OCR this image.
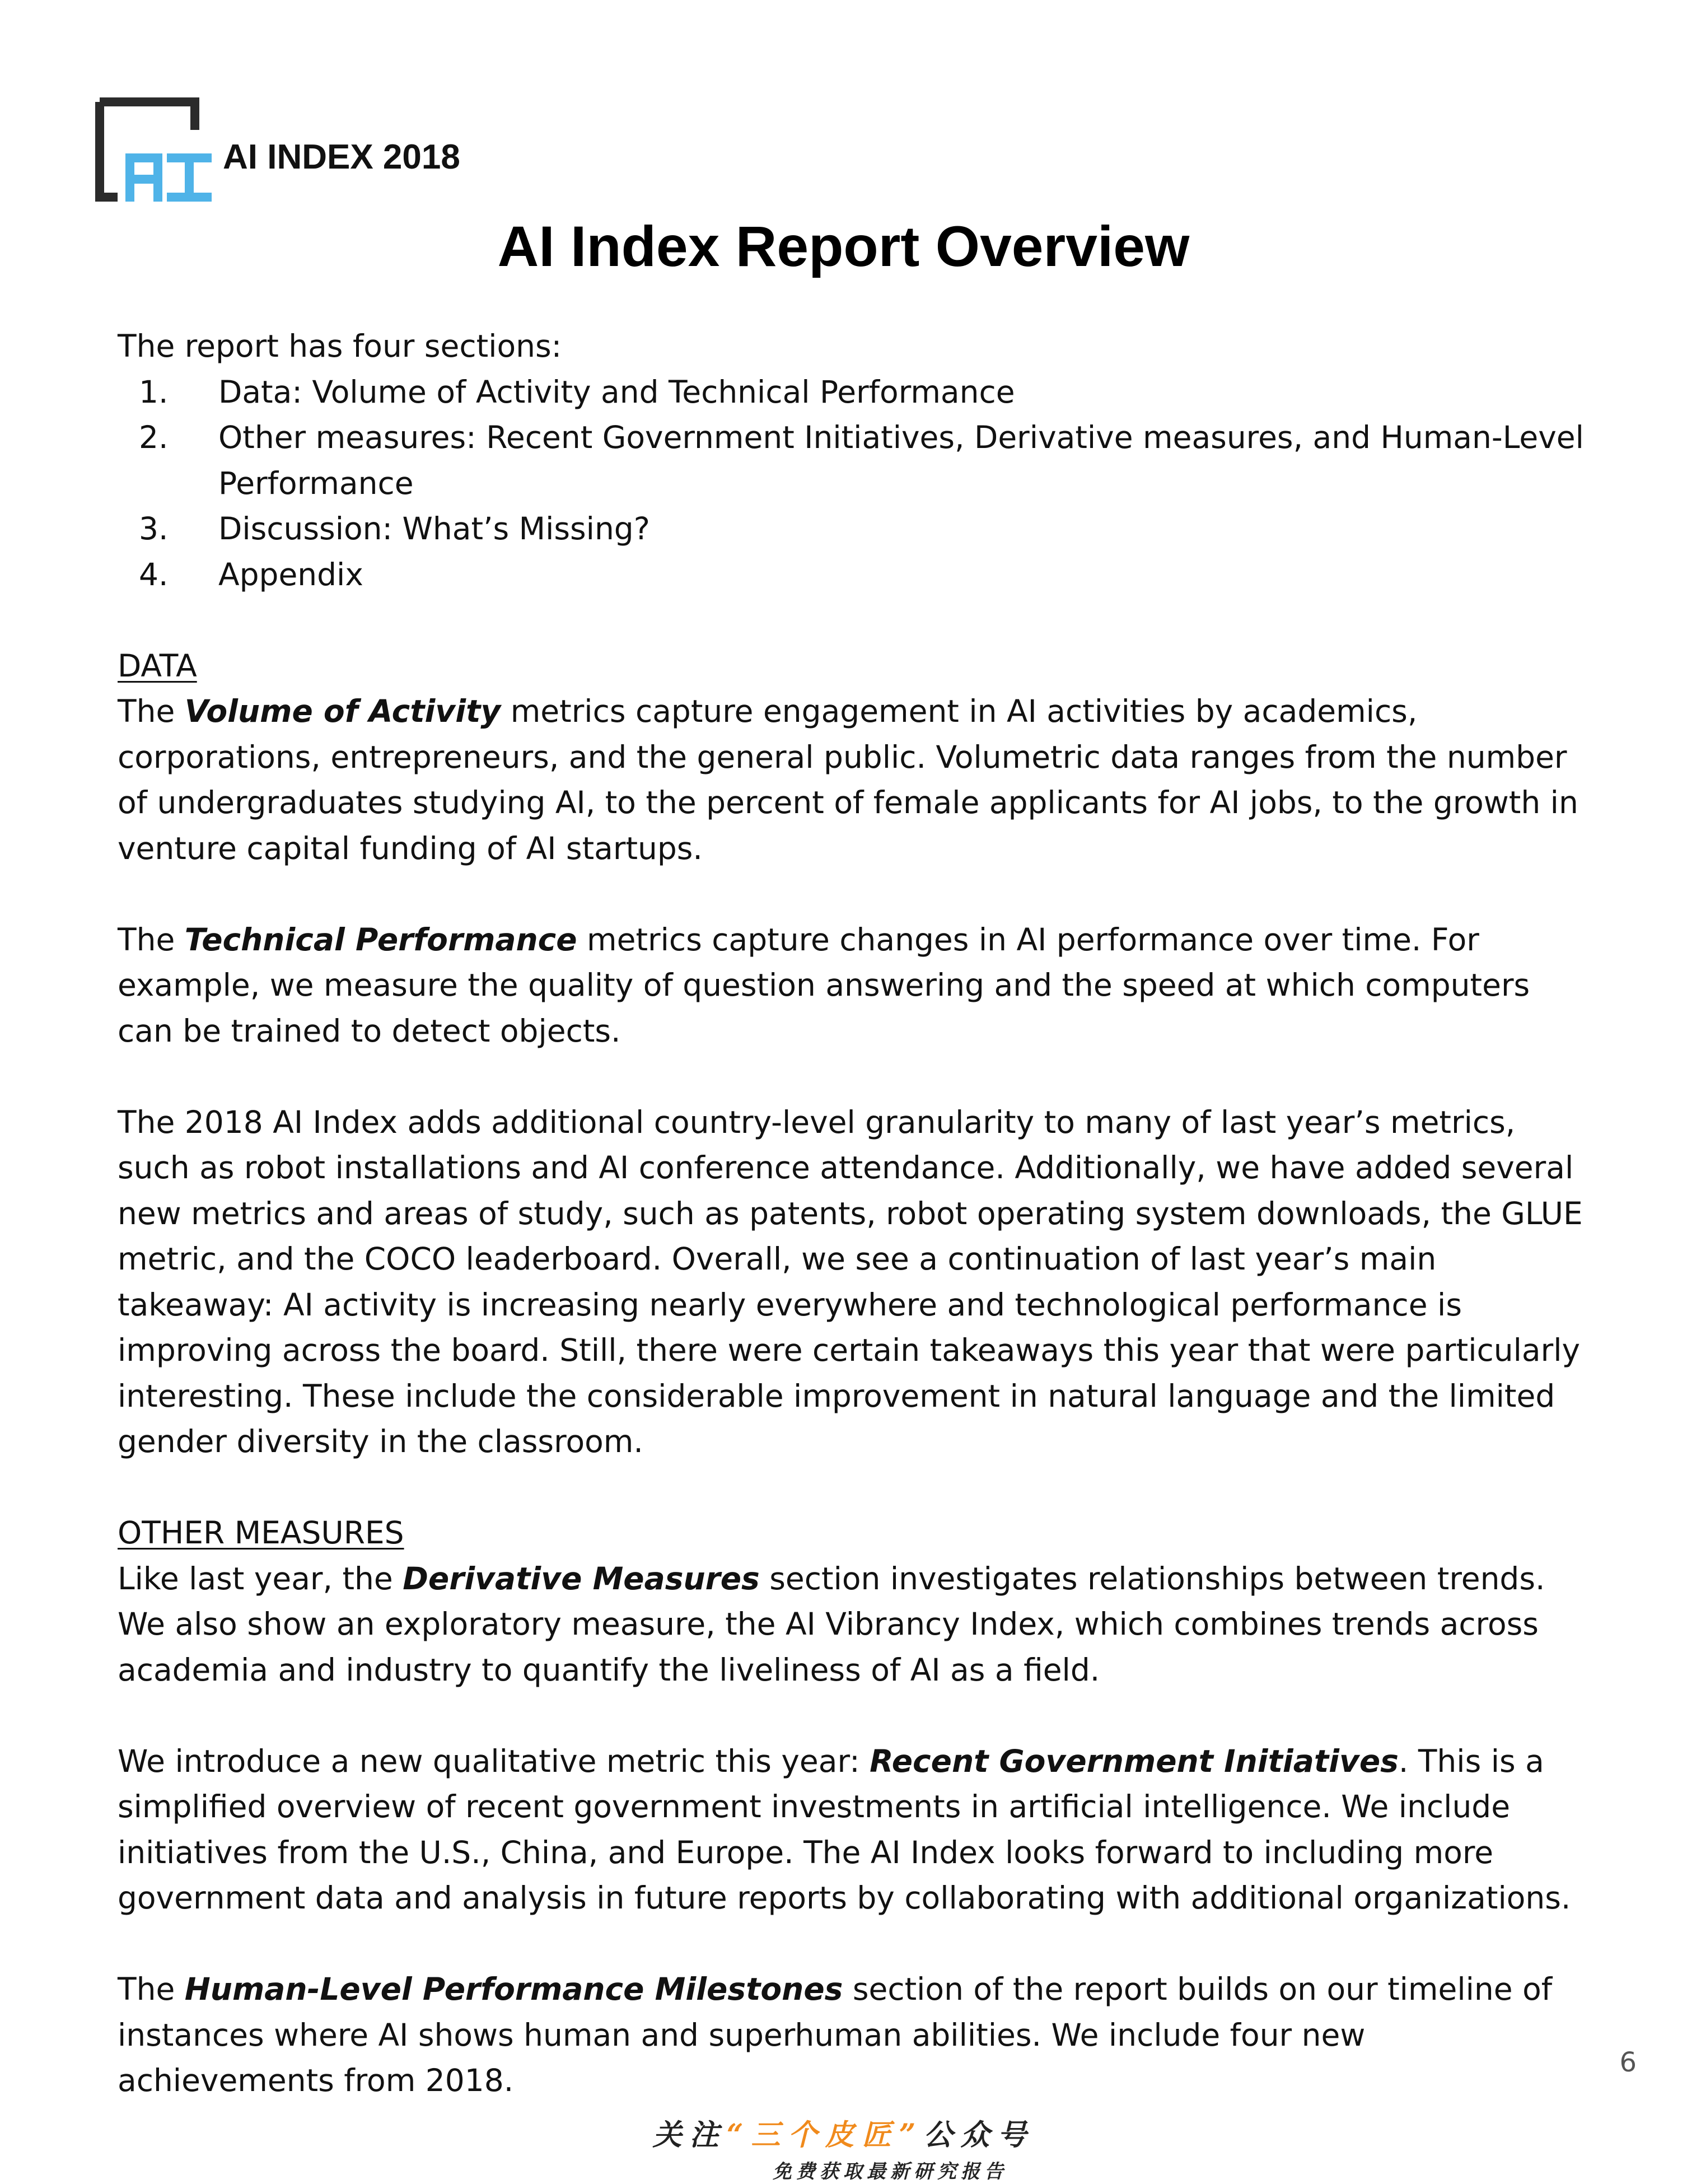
AI INDEX 2018
AI Index Report Overview

The report has four sections:

1. Data: Volume of Activity and Technical Performance
2. Other measures: Recent Government Initiatives, Derivative measures, and Human-Level Performance
3. Discussion: What’s Missing?
4. Appendix

DATA

The Volume of Activity metrics capture engagement in AI activities by academics, corporations, entrepreneurs, and the general public. Volumetric data ranges from the number of undergraduates studying AI, to the percent of female applicants for AI jobs, to the growth in venture capital funding of AI startups.

The Technical Performance metrics capture changes in AI performance over time. For example, we measure the quality of question answering and the speed at which computers can be trained to detect objects.

The 2018 AI Index adds additional country-level granularity to many of last year’s metrics, such as robot installations and AI conference attendance. Additionally, we have added several new metrics and areas of study, such as patents, robot operating system downloads, the GLUE metric, and the COCO leaderboard. Overall, we see a continuation of last year’s main takeaway: AI activity is increasing nearly everywhere and technological performance is improving across the board. Still, there were certain takeaways this year that were particularly interesting. These include the considerable improvement in natural language and the limited gender diversity in the classroom.

OTHER MEASURES

Like last year, the Derivative Measures section investigates relationships between trends. We also show an exploratory measure, the AI Vibrancy Index, which combines trends across academia and industry to quantify the liveliness of AI as a field.

We introduce a new qualitative metric this year: Recent Government Initiatives. This is a simplified overview of recent government investments in artificial intelligence. We include initiatives from the U.S., China, and Europe. The AI Index looks forward to including more government data and analysis in future reports by collaborating with additional organizations.

The Human-Level Performance Milestones section of the report builds on our timeline of instances where AI shows human and superhuman abilities. We include four new achievements from 2018.	6
关注“三个皮匠”公众号
免费获取最新研究报告
